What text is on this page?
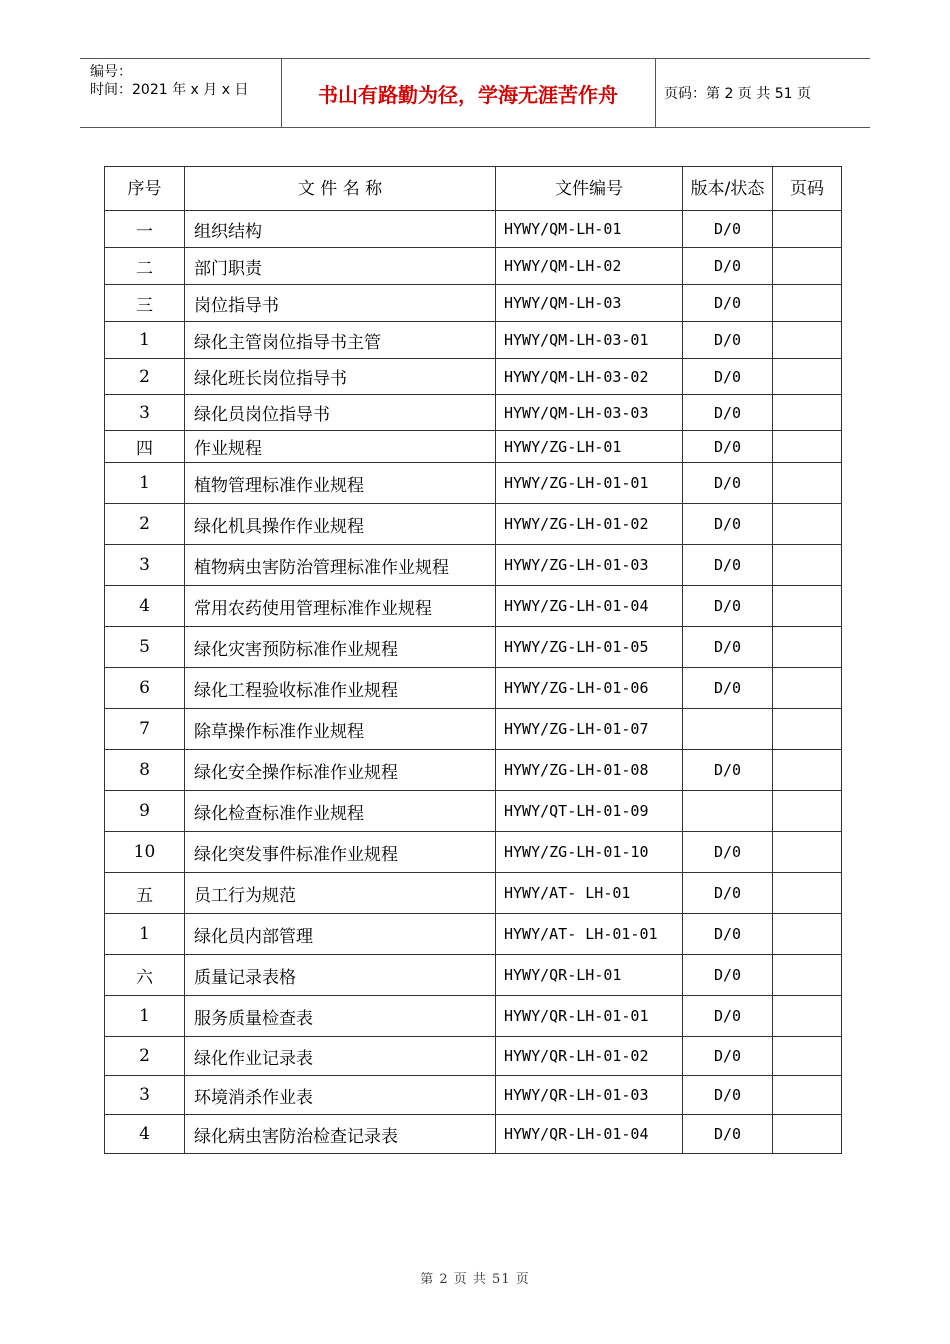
编号：
时间：2021 年 x 月 x 日	书山有路勤为径，学海无涯苦作舟	页码：第 2 页 共 51 页
序号	文 件 名 称	文件编号	版本/状态	页码
一	组织结构	HYWY/QM-LH-01	D/0	
二	部门职责	HYWY/QM-LH-02	D/0	
三	岗位指导书	HYWY/QM-LH-03	D/0	
1	绿化主管岗位指导书主管	HYWY/QM-LH-03-01	D/0	
2	绿化班长岗位指导书	HYWY/QM-LH-03-02	D/0	
3	绿化员岗位指导书	HYWY/QM-LH-03-03	D/0	
四	作业规程	HYWY/ZG-LH-01	D/0	
1	植物管理标准作业规程	HYWY/ZG-LH-01-01	D/0	
2	绿化机具操作作业规程	HYWY/ZG-LH-01-02	D/0	
3	植物病虫害防治管理标准作业规程	HYWY/ZG-LH-01-03	D/0	
4	常用农药使用管理标准作业规程	HYWY/ZG-LH-01-04	D/0	
5	绿化灾害预防标准作业规程	HYWY/ZG-LH-01-05	D/0	
6	绿化工程验收标准作业规程	HYWY/ZG-LH-01-06	D/0	
7	除草操作标准作业规程	HYWY/ZG-LH-01-07		
8	绿化安全操作标准作业规程	HYWY/ZG-LH-01-08	D/0	
9	绿化检查标准作业规程	HYWY/QT-LH-01-09		
10	绿化突发事件标准作业规程	HYWY/ZG-LH-01-10	D/0	
五	员工行为规范	HYWY/AT- LH-01	D/0	
1	绿化员内部管理	HYWY/AT- LH-01-01	D/0	
六	质量记录表格	HYWY/QR-LH-01	D/0	
1	服务质量检查表	HYWY/QR-LH-01-01	D/0	
2	绿化作业记录表	HYWY/QR-LH-01-02	D/0	
3	环境消杀作业表	HYWY/QR-LH-01-03	D/0	
4	绿化病虫害防治检查记录表	HYWY/QR-LH-01-04	D/0	
第 2 页 共 51 页
